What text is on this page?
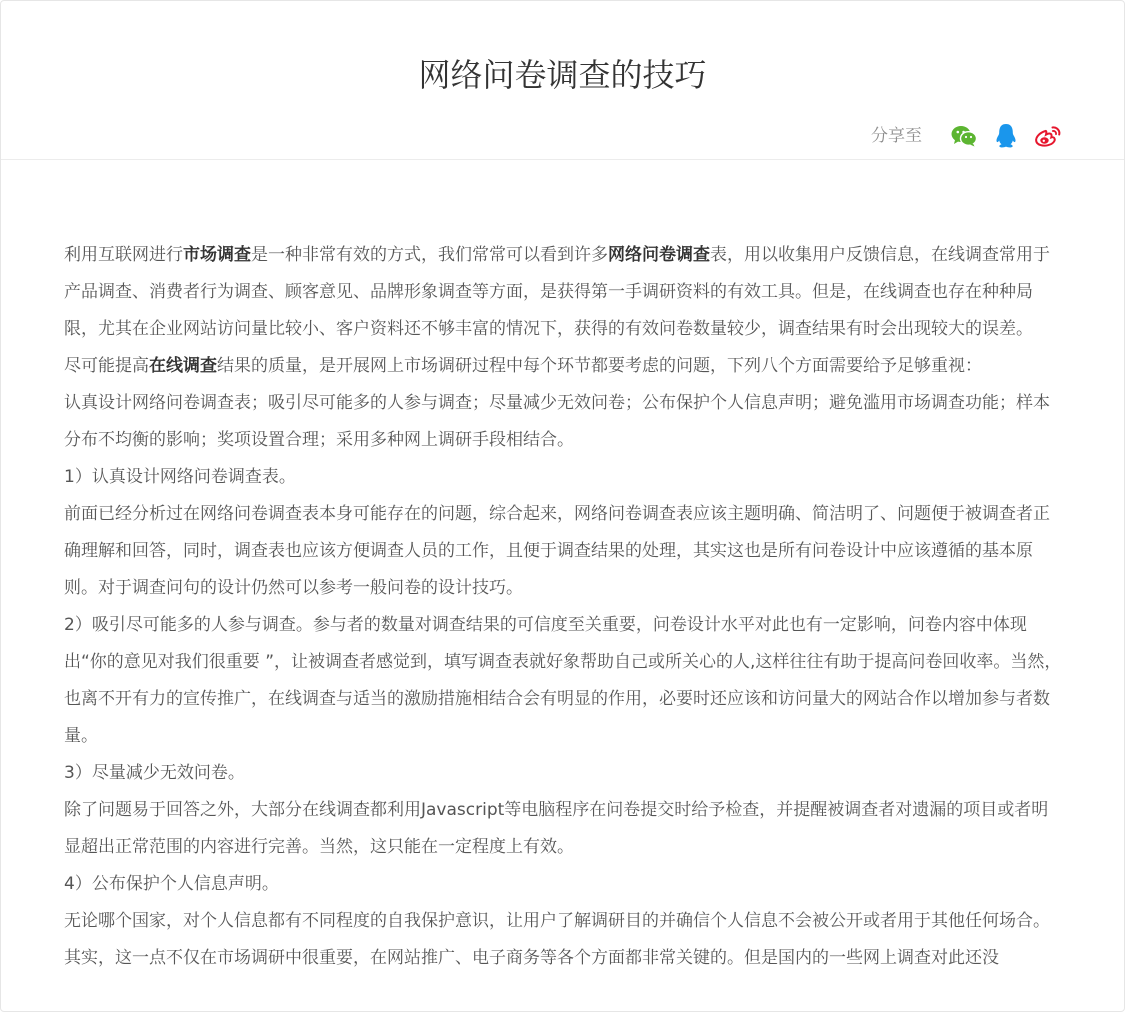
网络问卷调查的技巧
分享至

利用互联网进行市场调查是一种非常有效的方式，我们常常可以看到许多网络问卷调查表，用以收集用户反馈信息，在线调查常用于产品调查、消费者行为调查、顾客意见、品牌形象调查等方面，是获得第一手调研资料的有效工具。但是，在线调查也存在种种局限，尤其在企业网站访问量比较小、客户资料还不够丰富的情况下，获得的有效问卷数量较少，调查结果有时会出现较大的误差。

尽可能提高在线调查结果的质量，是开展网上市场调研过程中每个环节都要考虑的问题，下列八个方面需要给予足够重视：

认真设计网络问卷调查表；吸引尽可能多的人参与调查；尽量减少无效问卷；公布保护个人信息声明；避免滥用市场调查功能；样本分布不均衡的影响；奖项设置合理；采用多种网上调研手段相结合。

1）认真设计网络问卷调查表。

前面已经分析过在网络问卷调查表本身可能存在的问题，综合起来，网络问卷调查表应该主题明确、简洁明了、问题便于被调查者正确理解和回答，同时，调查表也应该方便调查人员的工作，且便于调查结果的处理，其实这也是所有问卷设计中应该遵循的基本原则。对于调查问句的设计仍然可以参考一般问卷的设计技巧。

2）吸引尽可能多的人参与调查。参与者的数量对调查结果的可信度至关重要，问卷设计水平对此也有一定影响，问卷内容中体现出“你的意见对我们很重要 ”，让被调查者感觉到，填写调查表就好象帮助自己或所关心的人,这样往往有助于提高问卷回收率。当然，也离不开有力的宣传推广，在线调查与适当的激励措施相结合会有明显的作用，必要时还应该和访问量大的网站合作以增加参与者数量。

3）尽量减少无效问卷。

除了问题易于回答之外，大部分在线调查都利用Javascript等电脑程序在问卷提交时给予检查，并提醒被调查者对遗漏的项目或者明显超出正常范围的内容进行完善。当然，这只能在一定程度上有效。

4）公布保护个人信息声明。

无论哪个国家，对个人信息都有不同程度的自我保护意识，让用户了解调研目的并确信个人信息不会被公开或者用于其他任何场合。其实，这一点不仅在市场调研中很重要，在网站推广、电子商务等各个方面都非常关键的。但是国内的一些网上调查对此还没
